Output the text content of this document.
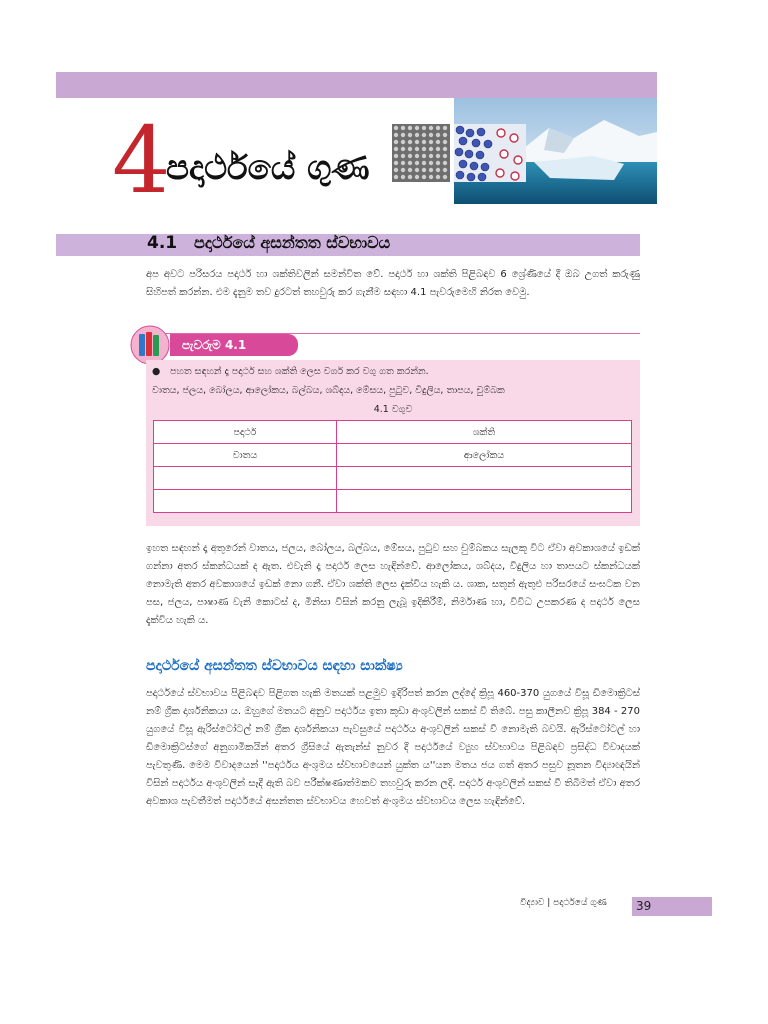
4
පදාර්ථයේ ගුණ
4.1 පදාර්ථයේ අසන්තත ස්වභාවය
අප අවට පරිසරය පදාර්ථ හා ශක්තිවලින් සමන්විත වේ. පදාර්ථ හා ශක්ති පිළිබඳව 6 ශ්‍රේණියේ දී ඔබ උගත් කරුණු සිහිපත් කරන්න. එම දැනුම තව දුරටත් තහවුරු කර ගැනීම සඳහා 4.1 පැවරුමෙහි නිරත වෙමු.
පැවරුම 4.1
● පහත සඳහන් දෑ පදාර්ථ සහ ශක්ති ලෙස වර්ග කර වගු ගත කරන්න.
වාතය, ජලය, බෝලය, ආලෝකය, බල්බය, ශබ්දය, මේසය, පුටුව, විදුලිය, තාපය, චුම්බක
4.1 වගුව
පදාර්ථ	ශක්ති
වාතය	ආලෝකය

ඉහත සඳහන් දෑ අතුරෙන් වාතය, ජලය, බෝලය, බල්බය, මේසය, පුටුව සහ චුම්බකය සැලකූ විට ඒවා අවකාශයේ ඉඩක් ගන්නා අතර ස්කන්ධයක් ද ඇත. එවැනි දෑ පදාර්ථ ලෙස හැඳින්වේ. ආලෝකය, ශබ්දය, විදුලිය හා තාපයට ස්කන්ධයක් නොමැති අතර අවකාශයේ ඉඩක් නො ගනී. ඒවා ශක්ති ලෙස දැක්විය හැකි ය. ශාක, සතුන් ඇතුළු පරිසරයේ සංඝටක වන පස, ජලය, පාෂාණ වැනි කොටස් ද, මිනිසා විසින් කරනු ලැබූ ඉදිකිරීම්, නිර්මාණ හා, විවිධ උපකරණ ද පදාර්ථ ලෙස දැක්විය හැකි ය.
පදාර්ථයේ අසන්තත ස්වභාවය සඳහා සාක්ෂ්‍ය
පදාර්ථයේ ස්වභාවය පිළිබඳව පිළිගත හැකි මතයක් පළමුව ඉදිරිපත් කරන ලද්දේ ක්‍රිපූ 460-370 යුගයේ විසූ ඩිමොක්‍රිටස් නම් ග්‍රීක දාර්ශනිකයා ය. ඔහුගේ මතයට අනුව පදාර්ථය ඉතා කුඩා අංශුවලින් සකස් වී තිබේ. පසු කාලීනව ක්‍රිපූ 384 - 270 යුගයේ විසූ ඇරිස්ටෝටල් නම් ග්‍රීක දාර්ශනිකයා පැවසුයේ පදාර්ථය අංශුවලින් සකස් වී නොමැති බවයි. ඇරිස්ටෝටල් හා ඩිමොක්‍රිටස්ගේ අනුගාමිකයින් අතර ග්‍රීසියේ ඇතැන්ස් නුවර දී පදාර්ථයේ ව්‍යුහ ස්වභාවය පිළිබඳව ප්‍රසිද්ධ විවාදයක් පැවතුණි. මෙම විවාදයෙන් ''පදාර්ථය අංශුමය ස්වභාවයෙන් යුක්ත ය''යන මතය ජය ගත් අතර පසුව නූතන විද්‍යාඥයින් විසින් පදාර්ථය අංශුවලින් සෑදී ඇති බව පරීක්ෂණාත්මකව තහවුරු කරන ලදි. පදාර්ථ අංශුවලින් සකස් වී තිබීමත් ඒවා අතර අවකාශ පැවතීමත් පදාර්ථයේ අසන්තත ස්වභාවය හෙවත් අංශුමය ස්වභාවය ලෙස හැඳින්වේ.
විද්‍යාව | පදාර්ථයේ ගුණ 39
